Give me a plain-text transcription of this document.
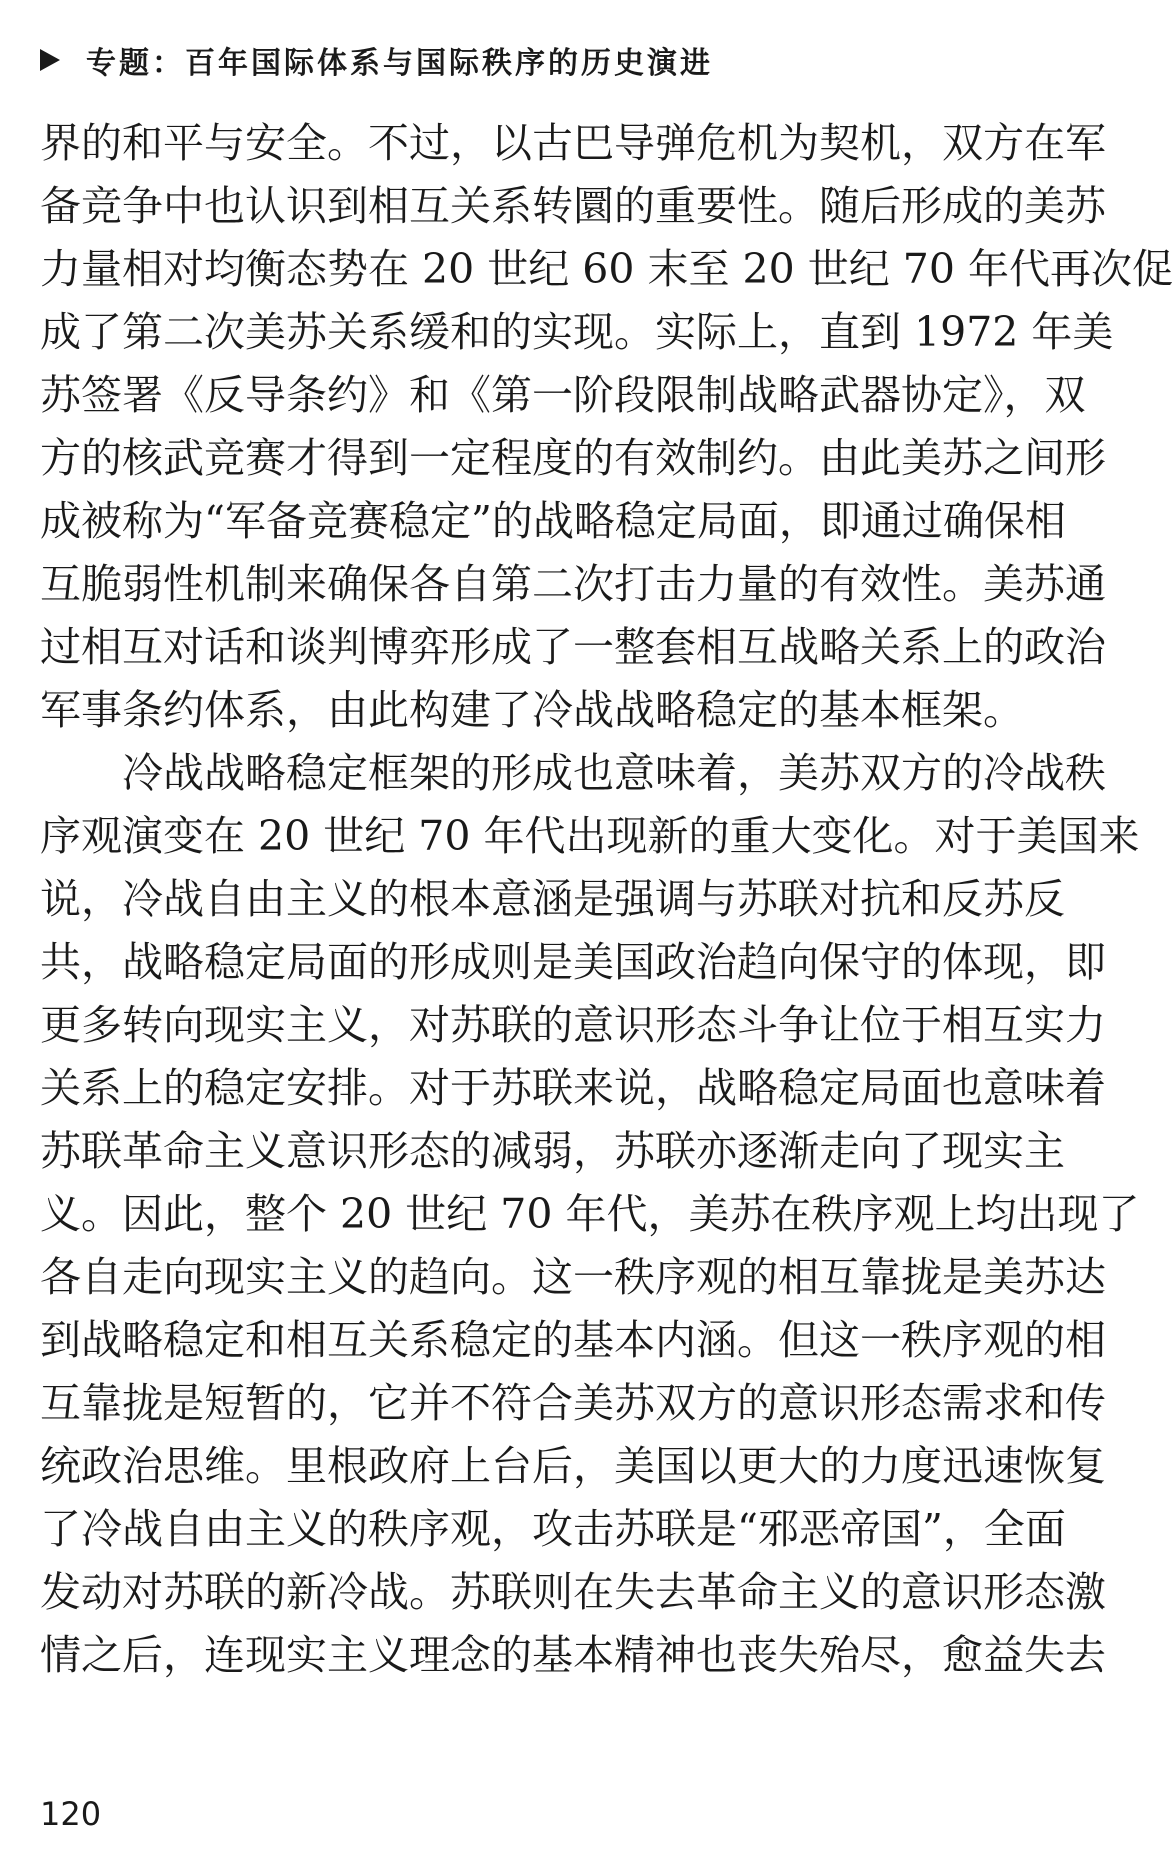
专题：百年国际体系与国际秩序的历史演进
界的和平与安全。不过，以古巴导弹危机为契机，双方在军
备竞争中也认识到相互关系转圜的重要性。随后形成的美苏
力量相对均衡态势在 20 世纪 60 末至 20 世纪 70 年代再次促
成了第二次美苏关系缓和的实现。实际上，直到 1972 年美
苏签署《反导条约》和《第一阶段限制战略武器协定》，双
方的核武竞赛才得到一定程度的有效制约。由此美苏之间形
成被称为“军备竞赛稳定”的战略稳定局面，即通过确保相
互脆弱性机制来确保各自第二次打击力量的有效性。美苏通
过相互对话和谈判博弈形成了一整套相互战略关系上的政治
军事条约体系，由此构建了冷战战略稳定的基本框架。
冷战战略稳定框架的形成也意味着，美苏双方的冷战秩
序观演变在 20 世纪 70 年代出现新的重大变化。对于美国来
说，冷战自由主义的根本意涵是强调与苏联对抗和反苏反
共，战略稳定局面的形成则是美国政治趋向保守的体现，即
更多转向现实主义，对苏联的意识形态斗争让位于相互实力
关系上的稳定安排。对于苏联来说，战略稳定局面也意味着
苏联革命主义意识形态的减弱，苏联亦逐渐走向了现实主
义。因此，整个 20 世纪 70 年代，美苏在秩序观上均出现了
各自走向现实主义的趋向。这一秩序观的相互靠拢是美苏达
到战略稳定和相互关系稳定的基本内涵。但这一秩序观的相
互靠拢是短暂的，它并不符合美苏双方的意识形态需求和传
统政治思维。里根政府上台后，美国以更大的力度迅速恢复
了冷战自由主义的秩序观，攻击苏联是“邪恶帝国”，全面
发动对苏联的新冷战。苏联则在失去革命主义的意识形态激
情之后，连现实主义理念的基本精神也丧失殆尽，愈益失去
120
